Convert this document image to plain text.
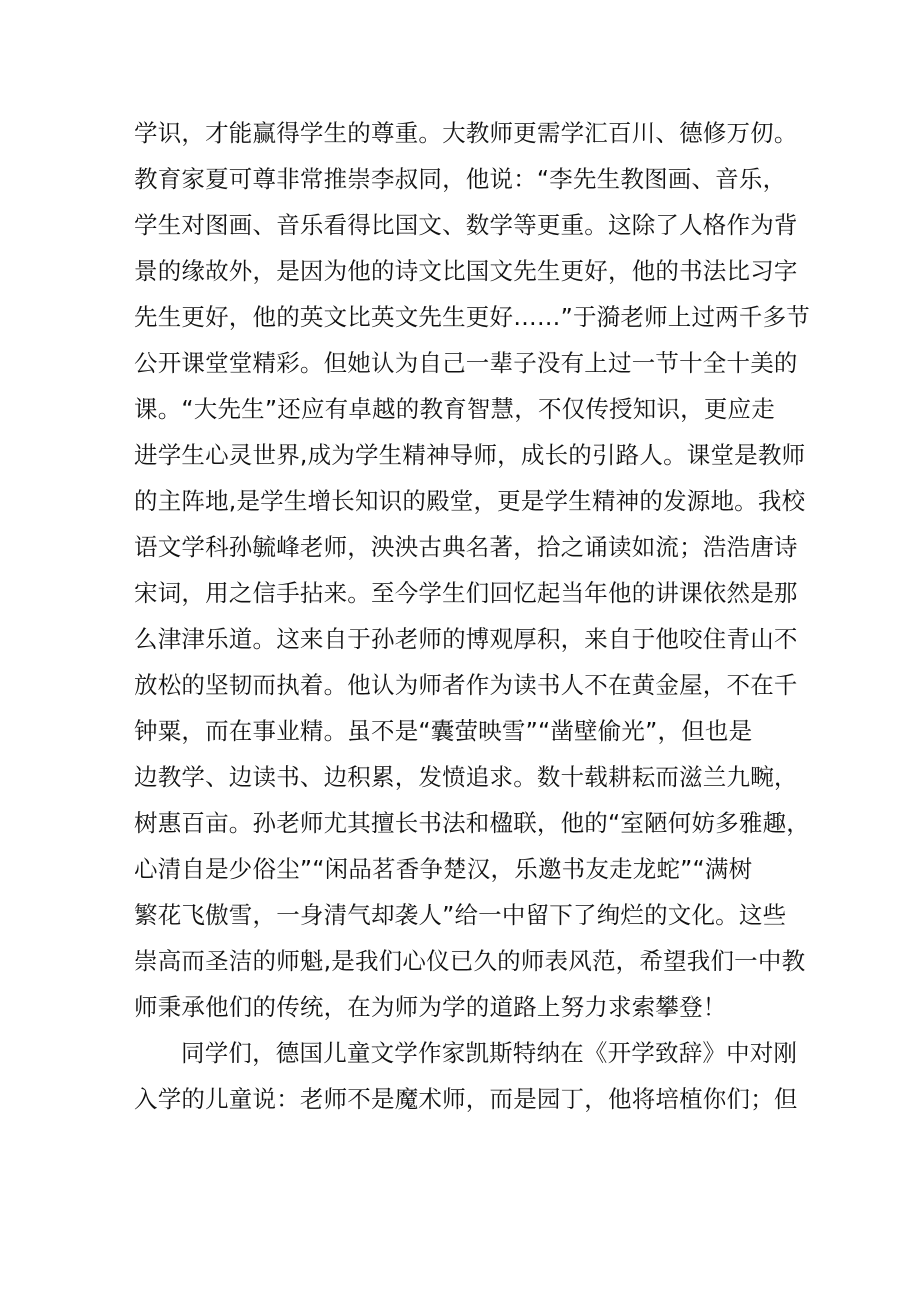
学识，才能赢得学生的尊重。大教师更需学汇百川、德修万仞。
教育家夏可尊非常推崇李叔同，他说：“李先生教图画、音乐，
学生对图画、音乐看得比国文、数学等更重。这除了人格作为背
景的缘故外，是因为他的诗文比国文先生更好，他的书法比习字
先生更好，他的英文比英文先生更好……”于漪老师上过两千多节
公开课堂堂精彩。但她认为自己一辈子没有上过一节十全十美的
课。“大先生”还应有卓越的教育智慧，不仅传授知识，更应走
进学生心灵世界,成为学生精神导师，成长的引路人。课堂是教师
的主阵地,是学生增长知识的殿堂，更是学生精神的发源地。我校
语文学科孙毓峰老师，泱泱古典名著，拾之诵读如流；浩浩唐诗
宋词，用之信手拈来。至今学生们回忆起当年他的讲课依然是那
么津津乐道。这来自于孙老师的博观厚积，来自于他咬住青山不
放松的坚韧而执着。他认为师者作为读书人不在黄金屋，不在千
钟粟，而在事业精。虽不是“囊萤映雪”“凿壁偷光”，但也是
边教学、边读书、边积累，发愤追求。数十载耕耘而滋兰九畹，
树惠百亩。孙老师尤其擅长书法和楹联，他的“室陋何妨多雅趣，
心清自是少俗尘”“闲品茗香争楚汉，乐邀书友走龙蛇”“满树
繁花飞傲雪，一身清气却袭人”给一中留下了绚烂的文化。这些
崇高而圣洁的师魁,是我们心仪已久的师表风范，希望我们一中教
师秉承他们的传统，在为师为学的道路上努力求索攀登！
同学们，德国儿童文学作家凯斯特纳在《开学致辞》中对刚
入学的儿童说：老师不是魔术师，而是园丁，他将培植你们；但
